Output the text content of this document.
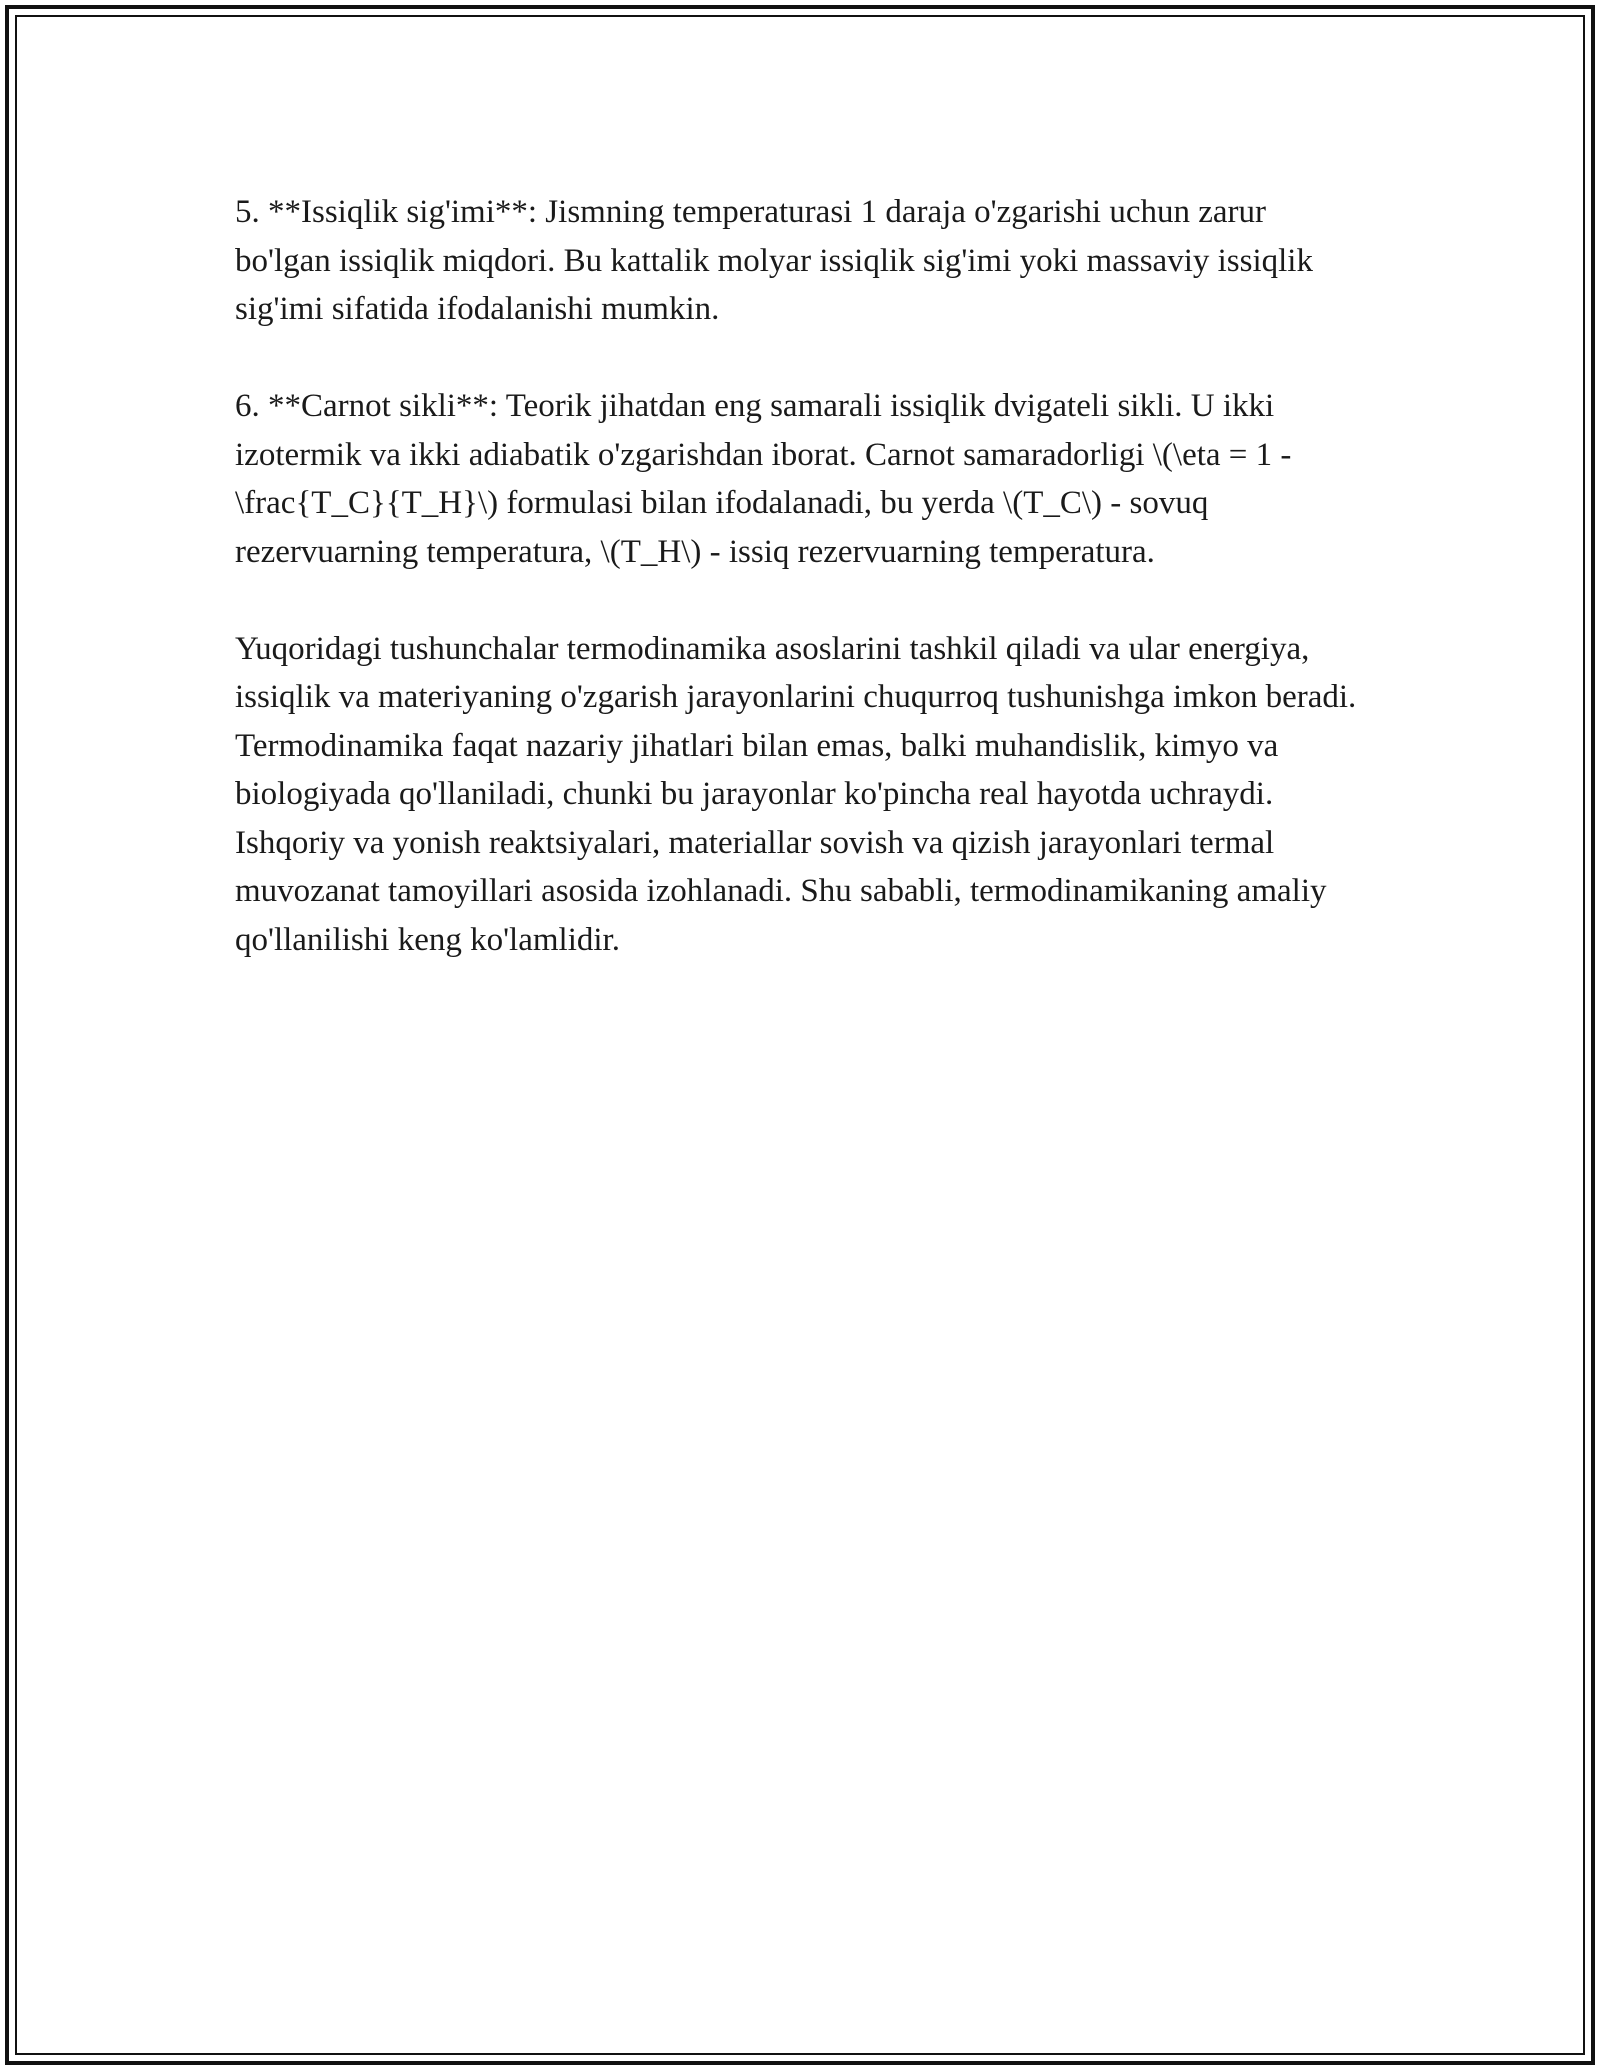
5. **Issiqlik sig'imi**: Jismning temperaturasi 1 daraja o'zgarishi uchun zarur bo'lgan issiqlik miqdori. Bu kattalik molyar issiqlik sig'imi yoki massaviy issiqlik sig'imi sifatida ifodalanishi mumkin.

6. **Carnot sikli**: Teorik jihatdan eng samarali issiqlik dvigateli sikli. U ikki izotermik va ikki adiabatik o'zgarishdan iborat. Carnot samaradorligi \(\eta = 1 - \frac{T_C}{T_H}\) formulasi bilan ifodalanadi, bu yerda \(T_C\) - sovuq rezervuarning temperatura, \(T_H\) - issiq rezervuarning temperatura.

Yuqoridagi tushunchalar termodinamika asoslarini tashkil qiladi va ular energiya, issiqlik va materiyaning o'zgarish jarayonlarini chuqurroq tushunishga imkon beradi. Termodinamika faqat nazariy jihatlari bilan emas, balki muhandislik, kimyo va biologiyada qo'llaniladi, chunki bu jarayonlar ko'pincha real hayotda uchraydi. Ishqoriy va yonish reaktsiyalari, materiallar sovish va qizish jarayonlari termal muvozanat tamoyillari asosida izohlanadi. Shu sababli, termodinamikaning amaliy qo'llanilishi keng ko'lamlidir.
